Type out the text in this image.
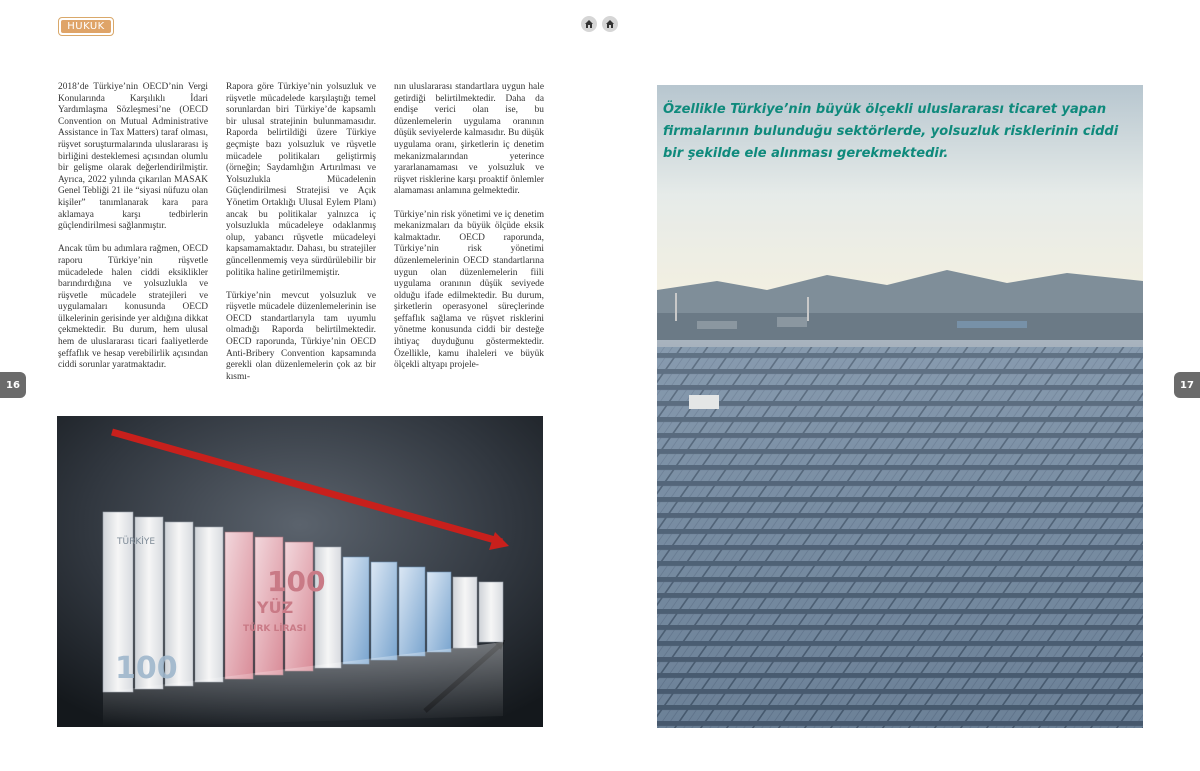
HUKUK
16	17

2018’de Türkiye’nin OECD’nin Vergi Konularında Karşılıklı İdari Yardımlaşma Sözleşmesi’ne (OECD Convention on Mutual Administrative Assistance in Tax Matters) taraf olması, rüşvet soruşturmalarında uluslararası iş birliğini desteklemesi açısından olumlu bir gelişme olarak değerlendirilmiştir. Ayrıca, 2022 yılında çıkarılan MASAK Genel Tebliği 21 ile “siyasi nüfuzu olan kişiler” tanımlanarak kara para aklamaya karşı tedbirlerin güçlendirilmesi sağlanmıştır.

Ancak tüm bu adımlara rağmen, OECD raporu Türkiye’nin rüşvetle mücadelede halen ciddi eksiklikler barındırdığına ve yolsuzlukla ve rüşvetle mücadele stratejileri ve uygulamaları konusunda OECD ülkelerinin gerisinde yer aldığına dikkat çekmektedir. Bu durum, hem ulusal hem de uluslararası ticari faaliyetlerde şeffaflık ve hesap verebilirlik açısından ciddi sorunlar yaratmaktadır.

Rapora göre Türkiye’nin yolsuzluk ve rüşvetle mücadelede karşılaştığı temel sorunlardan biri Türkiye’de kapsamlı bir ulusal stratejinin bulunmamasıdır. Raporda belirtildiği üzere Türkiye geçmişte bazı yolsuzluk ve rüşvetle mücadele politikaları geliştirmiş (örneğin; Saydamlığın Artırılması ve Yolsuzlukla Mücadelenin Güçlendirilmesi Stratejisi ve Açık Yönetim Ortaklığı Ulusal Eylem Planı) ancak bu politikalar yalnızca iç yolsuzlukla mücadeleye odaklanmış olup, yabancı rüşvetle mücadeleyi kapsamamaktadır. Dahası, bu stratejiler güncellenmemiş veya sürdürülebilir bir politika haline getirilmemiştir.

Türkiye’nin mevcut yolsuzluk ve rüşvetle mücadele düzenlemelerinin ise OECD standartlarıyla tam uyumlu olmadığı Raporda belirtilmektedir. OECD raporunda, Türkiye’nin OECD Anti-Bribery Convention kapsamında gerekli olan düzenlemelerin çok az bir kısmı-

nın uluslararası standartlara uygun hale getirdiği belirtilmektedir. Daha da endişe verici olan ise, bu düzenlemelerin uygulama oranının düşük seviyelerde kalmasıdır. Bu düşük uygulama oranı, şirketlerin iç denetim mekanizmalarından yeterince yararlanamaması ve yolsuzluk ve rüşvet risklerine karşı proaktif önlemler alamaması anlamına gelmektedir.

Türkiye’nin risk yönetimi ve iç denetim mekanizmaları da büyük ölçüde eksik kalmaktadır. OECD raporunda, Türkiye’nin risk yönetimi düzenlemelerinin OECD standartlarına uygun olan düzenlemelerin fiili uygulama oranının düşük seviyede olduğu ifade edilmektedir. Bu durum, şirketlerin operasyonel süreçlerinde şeffaflık sağlama ve rüşvet risklerini yönetme konusunda ciddi bir desteğe ihtiyaç duyduğunu göstermektedir. Özellikle, kamu ihaleleri ve büyük ölçekli altyapı projele-

TÜRKİYE
100
YÜZ
TÜRK LİRASI
100
Özellikle Türkiye’nin büyük ölçekli uluslararası ticaret yapan firmalarının bulunduğu sektörlerde, yolsuzluk risklerinin ciddi bir şekilde ele alınması gerekmektedir.
